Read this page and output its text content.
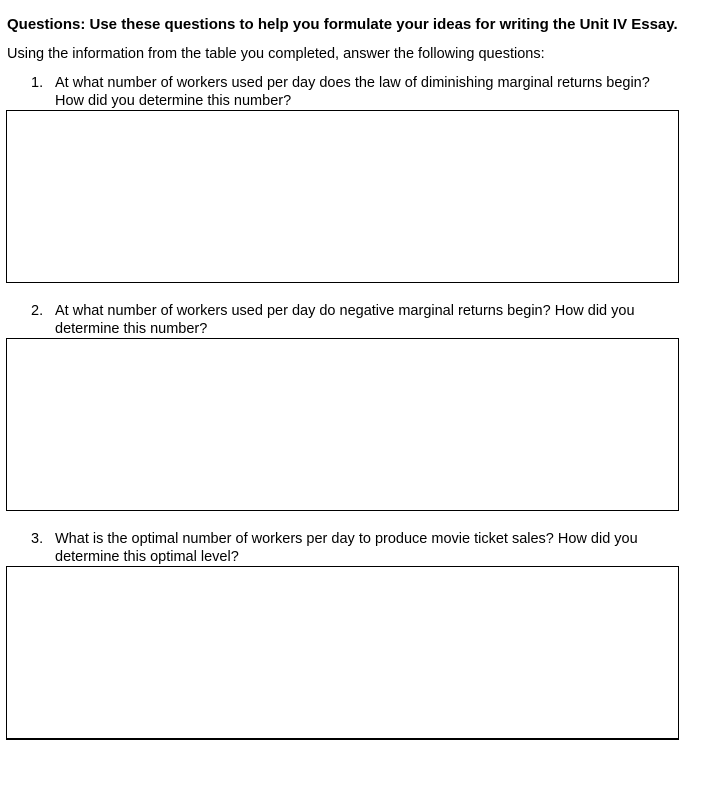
Questions: Use these questions to help you formulate your ideas for writing the Unit IV Essay.
Using the information from the table you completed, answer the following questions:
1. At what number of workers used per day does the law of diminishing marginal returns begin? How did you determine this number?
2. At what number of workers used per day do negative marginal returns begin? How did you determine this number?
3. What is the optimal number of workers per day to produce movie ticket sales? How did you determine this optimal level?
